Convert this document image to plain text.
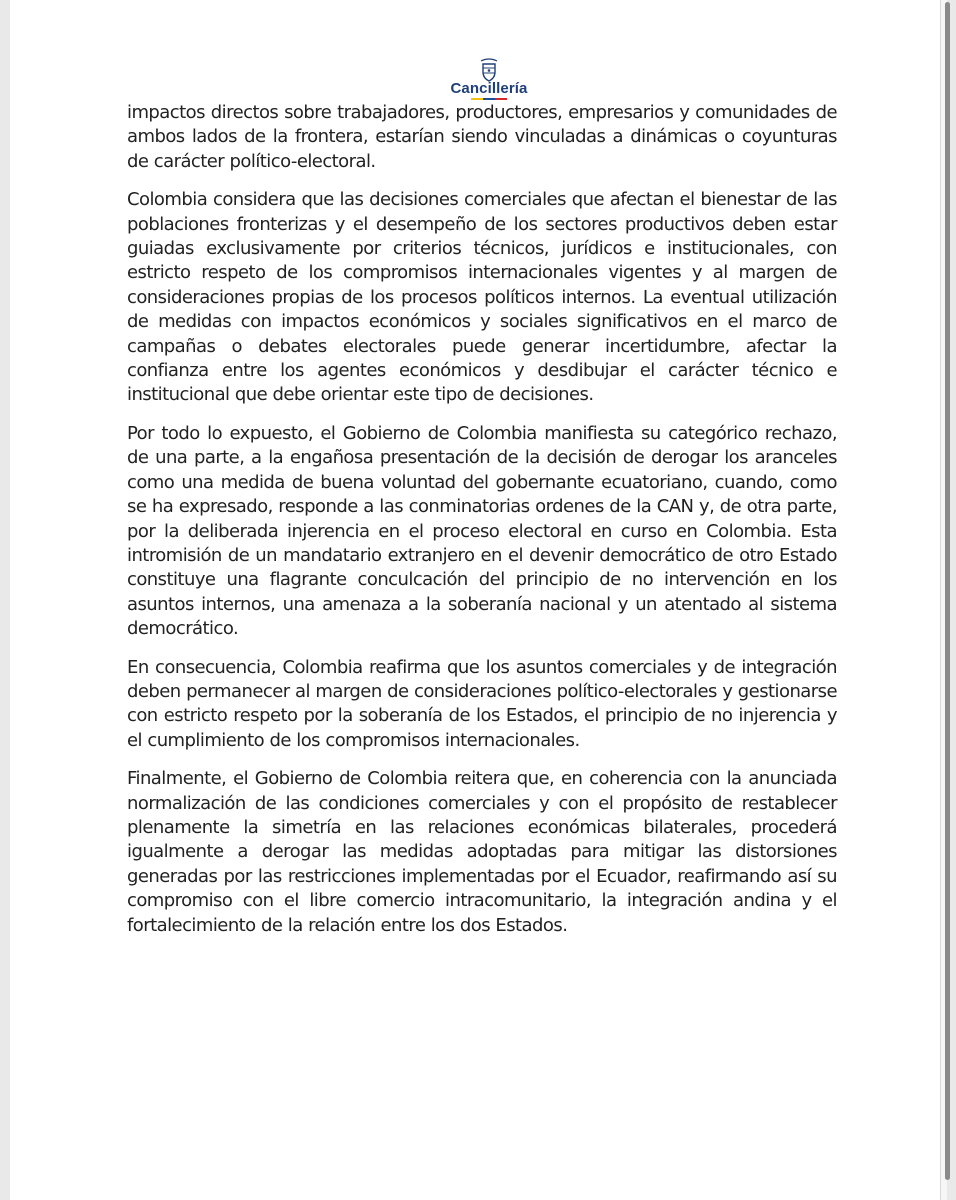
Cancillería

impactos directos sobre trabajadores, productores, empresarios y comunidades de ambos lados de la frontera, estarían siendo vinculadas a dinámicas o coyunturas de carácter político-electoral.

Colombia considera que las decisiones comerciales que afectan el bienestar de las poblaciones fronterizas y el desempeño de los sectores productivos deben estar guiadas exclusivamente por criterios técnicos, jurídicos e institucionales, con estricto respeto de los compromisos internacionales vigentes y al margen de consideraciones propias de los procesos políticos internos. La eventual utilización de medidas con impactos económicos y sociales significativos en el marco de campañas o debates electorales puede generar incertidumbre, afectar la confianza entre los agentes económicos y desdibujar el carácter técnico e institucional que debe orientar este tipo de decisiones.

Por todo lo expuesto, el Gobierno de Colombia manifiesta su categórico rechazo, de una parte, a la engañosa presentación de la decisión de derogar los aranceles como una medida de buena voluntad del gobernante ecuatoriano, cuando, como se ha expresado, responde a las conminatorias ordenes de la CAN y, de otra parte, por la deliberada injerencia en el proceso electoral en curso en Colombia. Esta intromisión de un mandatario extranjero en el devenir democrático de otro Estado constituye una flagrante conculcación del principio de no intervención en los asuntos internos, una amenaza a la soberanía nacional y un atentado al sistema democrático.

En consecuencia, Colombia reafirma que los asuntos comerciales y de integración deben permanecer al margen de consideraciones político-electorales y gestionarse con estricto respeto por la soberanía de los Estados, el principio de no injerencia y el cumplimiento de los compromisos internacionales.

Finalmente, el Gobierno de Colombia reitera que, en coherencia con la anunciada normalización de las condiciones comerciales y con el propósito de restablecer plenamente la simetría en las relaciones económicas bilaterales, procederá igualmente a derogar las medidas adoptadas para mitigar las distorsiones generadas por las restricciones implementadas por el Ecuador, reafirmando así su compromiso con el libre comercio intracomunitario, la integración andina y el fortalecimiento de la relación entre los dos Estados.
